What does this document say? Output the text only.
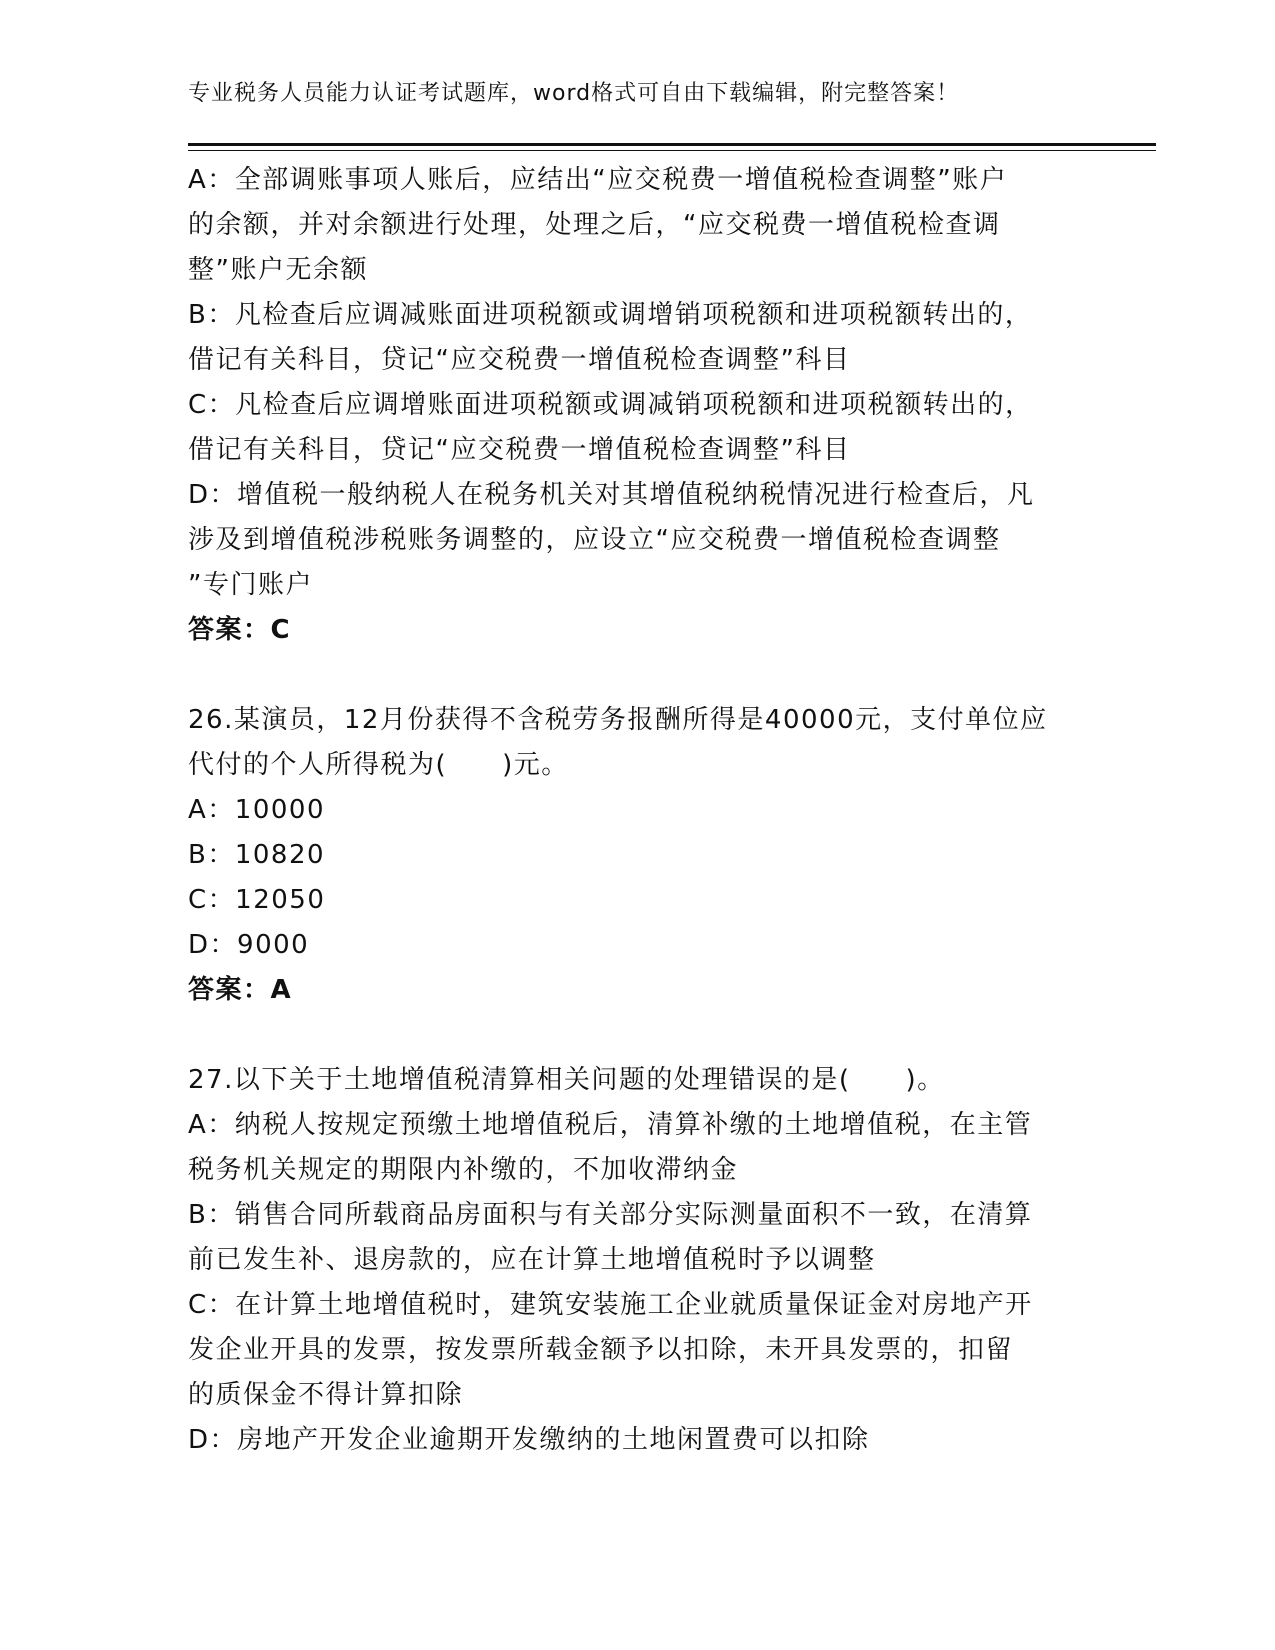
专业税务人员能力认证考试题库，word格式可自由下载编辑，附完整答案！
A：全部调账事项人账后，应结出“应交税费一增值税检查调整”账户
的余额，并对余额进行处理，处理之后，“应交税费一增值税检查调
整”账户无余额
B：凡检查后应调减账面进项税额或调增销项税额和进项税额转出的，
借记有关科目，贷记“应交税费一增值税检查调整”科目
C：凡检查后应调增账面进项税额或调减销项税额和进项税额转出的，
借记有关科目，贷记“应交税费一增值税检查调整”科目
D：增值税一般纳税人在税务机关对其增值税纳税情况进行检查后，凡
涉及到增值税涉税账务调整的，应设立“应交税费一增值税检查调整
”专门账户
答案：C
26.某演员，12月份获得不含税劳务报酬所得是40000元，支付单位应
代付的个人所得税为(　　)元。
A：10000
B：10820
C：12050
D：9000
答案：A
27.以下关于土地增值税清算相关问题的处理错误的是(　　)。
A：纳税人按规定预缴土地增值税后，清算补缴的土地增值税，在主管
税务机关规定的期限内补缴的，不加收滞纳金
B：销售合同所载商品房面积与有关部分实际测量面积不一致，在清算
前已发生补、退房款的，应在计算土地增值税时予以调整
C：在计算土地增值税时，建筑安装施工企业就质量保证金对房地产开
发企业开具的发票，按发票所载金额予以扣除，未开具发票的，扣留
的质保金不得计算扣除
D：房地产开发企业逾期开发缴纳的土地闲置费可以扣除
